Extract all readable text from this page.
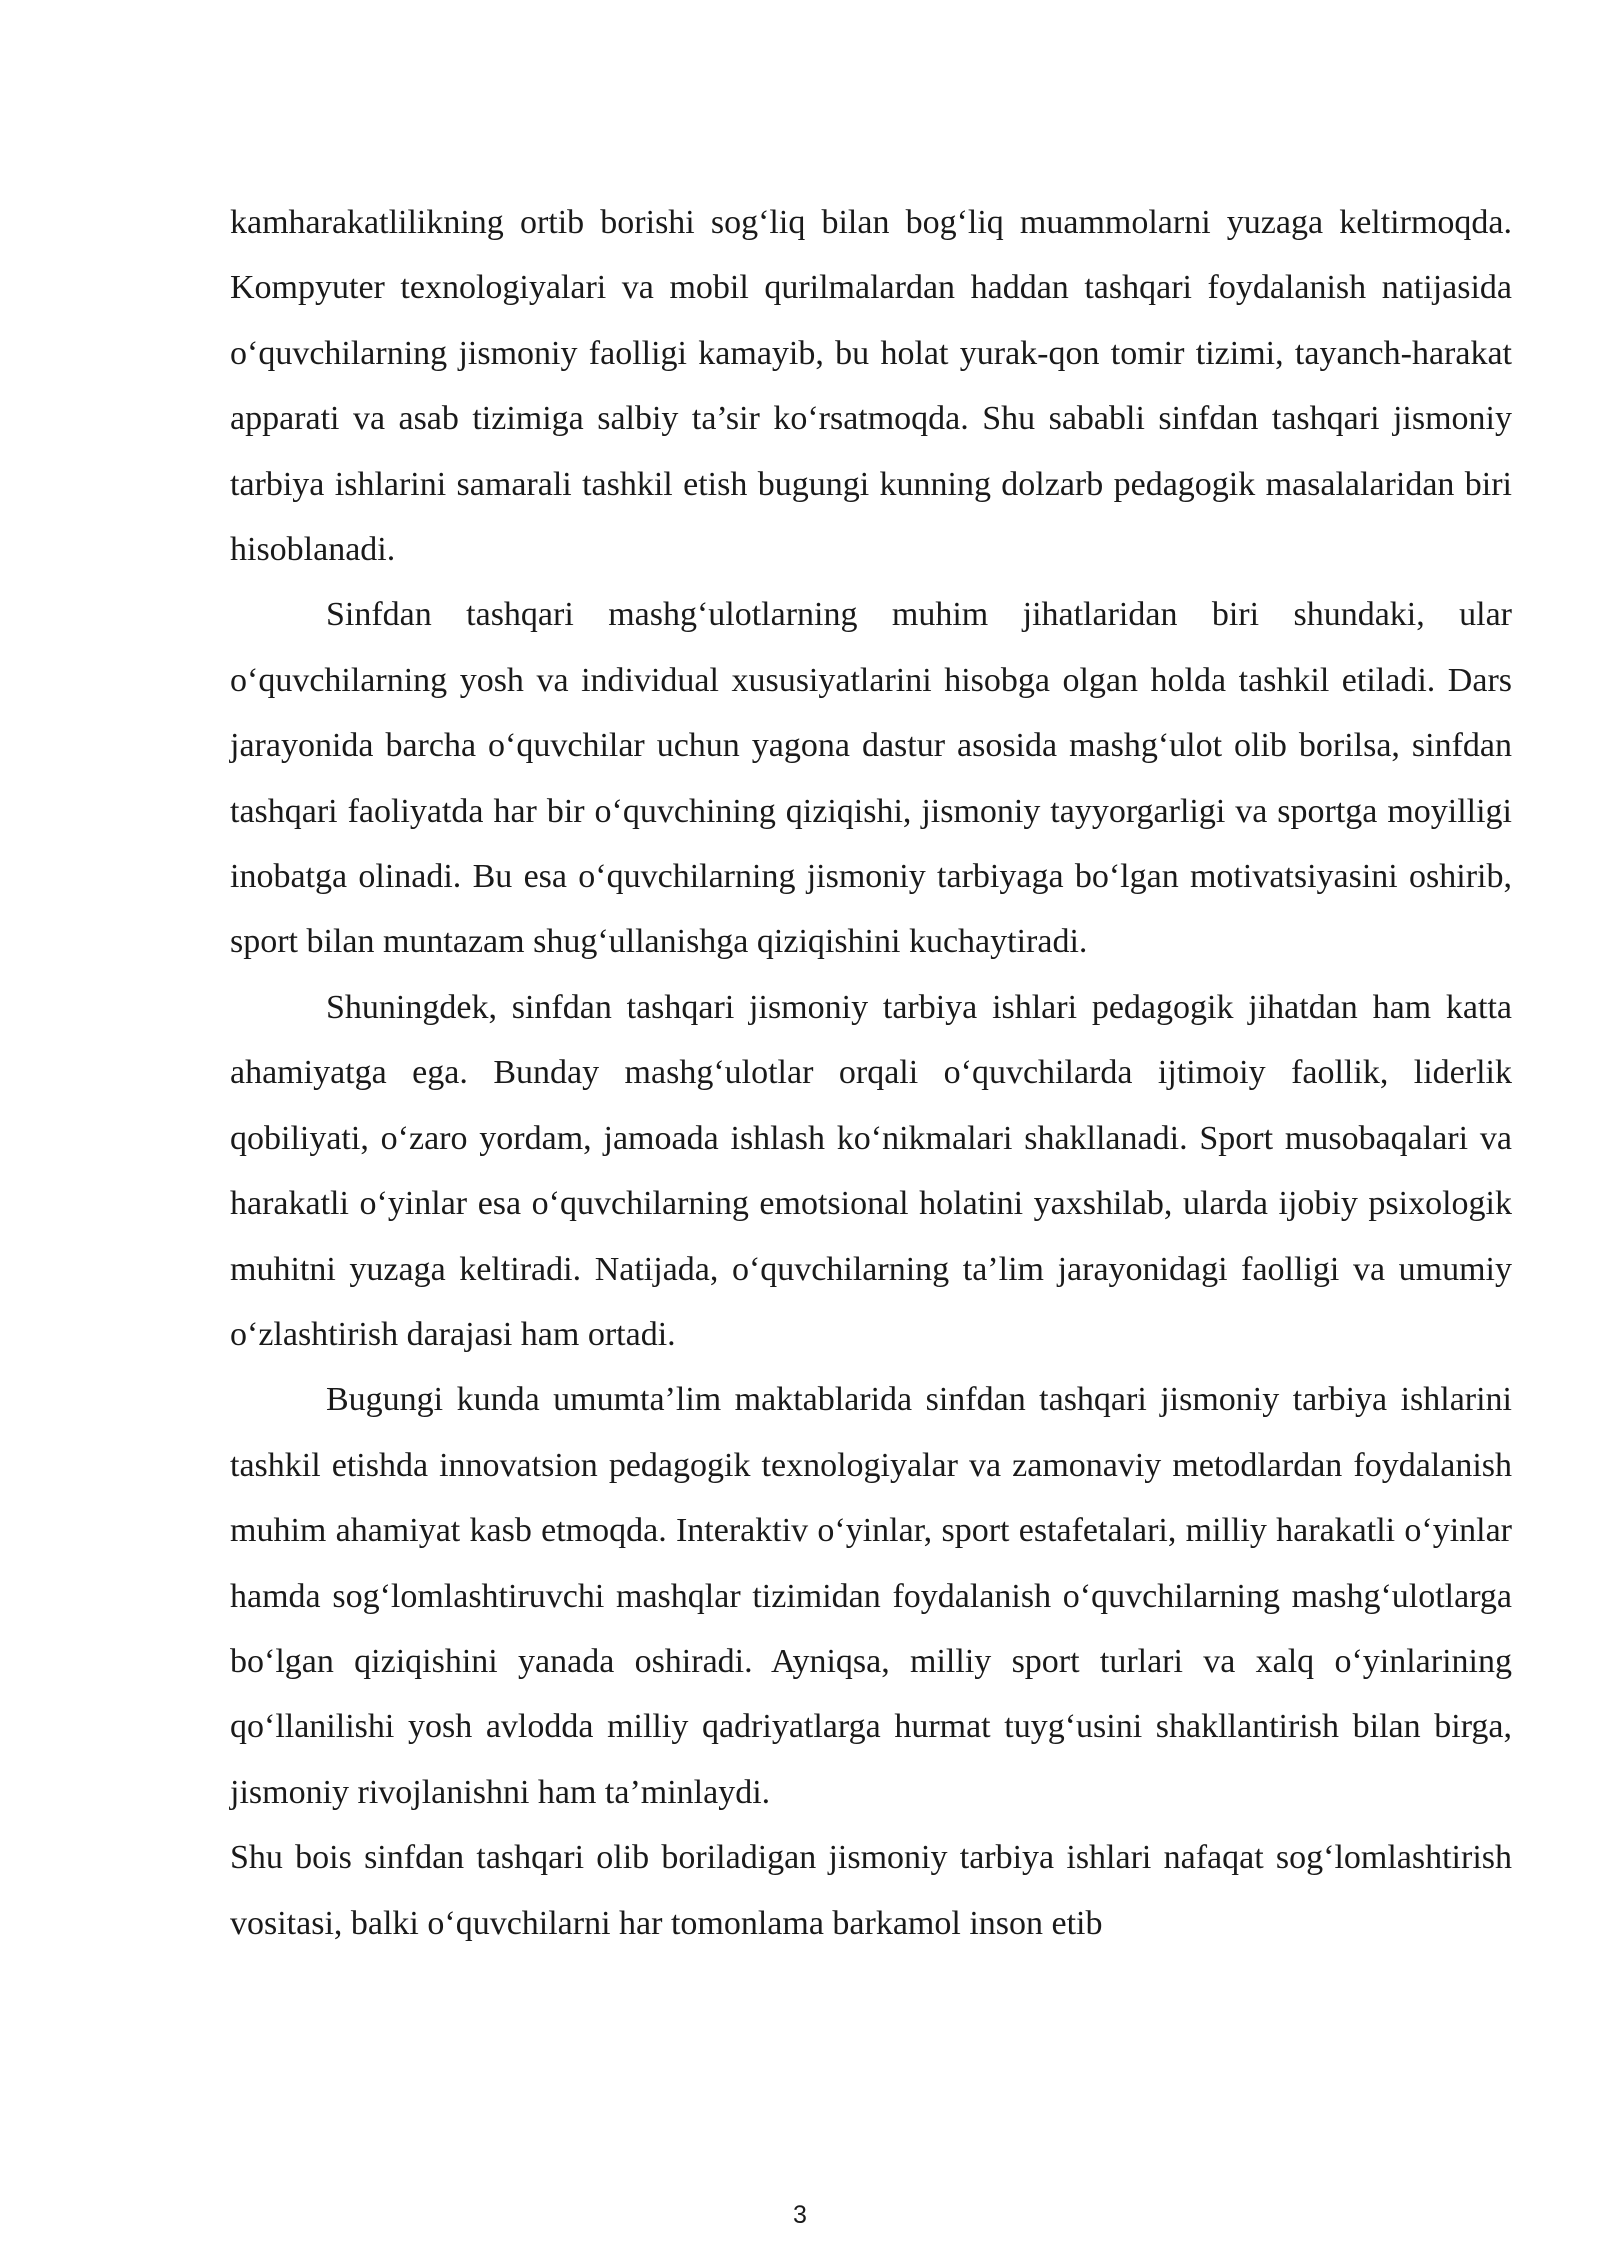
kamharakatlilikning ortib borishi sog‘liq bilan bog‘liq muammolarni yuzaga keltirmoqda. Kompyuter texnologiyalari va mobil qurilmalardan haddan tashqari foydalanish natijasida o‘quvchilarning jismoniy faolligi kamayib, bu holat yurak-qon tomir tizimi, tayanch-harakat apparati va asab tizimiga salbiy ta’sir ko‘rsatmoqda. Shu sababli sinfdan tashqari jismoniy tarbiya ishlarini samarali tashkil etish bugungi kunning dolzarb pedagogik masalalaridan biri hisoblanadi.

Sinfdan tashqari mashg‘ulotlarning muhim jihatlaridan biri shundaki, ular o‘quvchilarning yosh va individual xususiyatlarini hisobga olgan holda tashkil etiladi. Dars jarayonida barcha o‘quvchilar uchun yagona dastur asosida mashg‘ulot olib borilsa, sinfdan tashqari faoliyatda har bir o‘quvchining qiziqishi, jismoniy tayyorgarligi va sportga moyilligi inobatga olinadi. Bu esa o‘quvchilarning jismoniy tarbiyaga bo‘lgan motivatsiyasini oshirib, sport bilan muntazam shug‘ullanishga qiziqishini kuchaytiradi.

Shuningdek, sinfdan tashqari jismoniy tarbiya ishlari pedagogik jihatdan ham katta ahamiyatga ega. Bunday mashg‘ulotlar orqali o‘quvchilarda ijtimoiy faollik, liderlik qobiliyati, o‘zaro yordam, jamoada ishlash ko‘nikmalari shakllanadi. Sport musobaqalari va harakatli o‘yinlar esa o‘quvchilarning emotsional holatini yaxshilab, ularda ijobiy psixologik muhitni yuzaga keltiradi. Natijada, o‘quvchilarning ta’lim jarayonidagi faolligi va umumiy o‘zlashtirish darajasi ham ortadi.

Bugungi kunda umumta’lim maktablarida sinfdan tashqari jismoniy tarbiya ishlarini tashkil etishda innovatsion pedagogik texnologiyalar va zamonaviy metodlardan foydalanish muhim ahamiyat kasb etmoqda. Interaktiv o‘yinlar, sport estafetalari, milliy harakatli o‘yinlar hamda sog‘lomlashtiruvchi mashqlar tizimidan foydalanish o‘quvchilarning mashg‘ulotlarga bo‘lgan qiziqishini yanada oshiradi. Ayniqsa, milliy sport turlari va xalq o‘yinlarining qo‘llanilishi yosh avlodda milliy qadriyatlarga hurmat tuyg‘usini shakllantirish bilan birga, jismoniy rivojlanishni ham ta’minlaydi.

Shu bois sinfdan tashqari olib boriladigan jismoniy tarbiya ishlari nafaqat sog‘lomlashtirish vositasi, balki o‘quvchilarni har tomonlama barkamol inson etib

3
